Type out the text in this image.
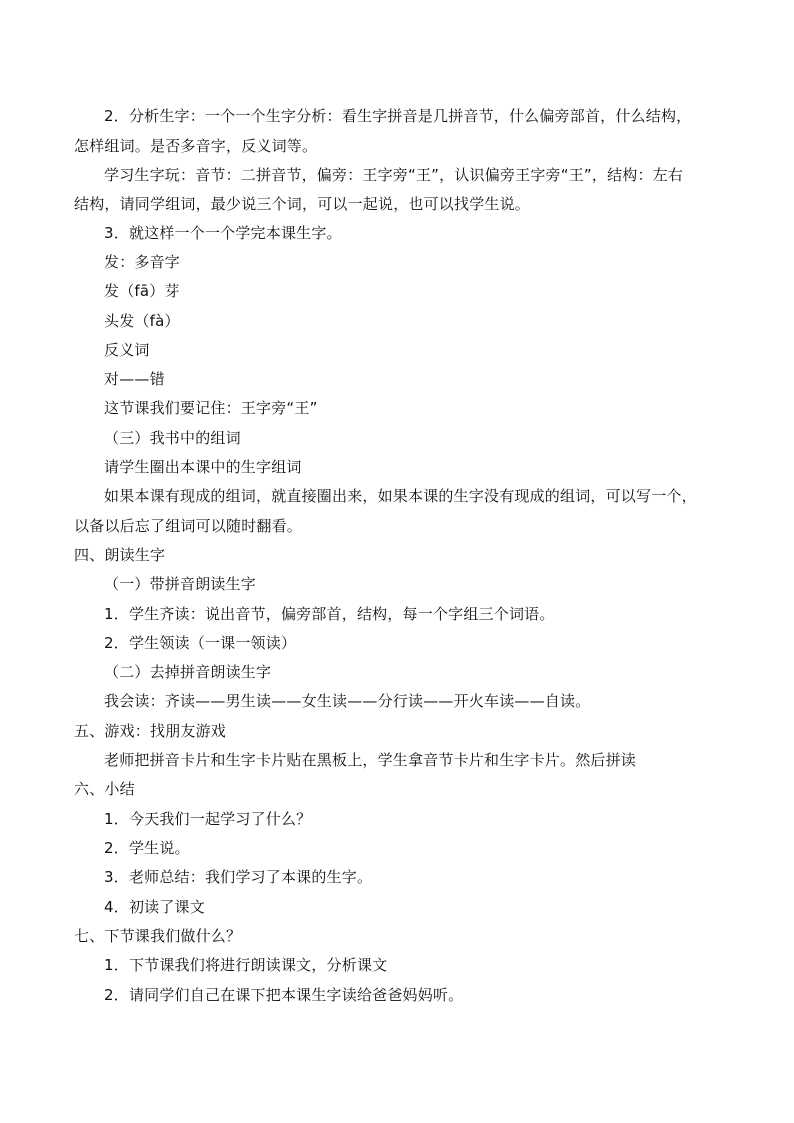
2．分析生字：一个一个生字分析：看生字拼音是几拼音节，什么偏旁部首，什么结构，
怎样组词。是否多音字，反义词等。
学习生字玩：音节：二拼音节，偏旁：王字旁“王”，认识偏旁王字旁“王”，结构：左右
结构，请同学组词，最少说三个词，可以一起说，也可以找学生说。
3．就这样一个一个学完本课生字。
发：多音字
发（fā）芽
头发（fà）
反义词
对——错
这节课我们要记住：王字旁“王”
（三）我书中的组词
请学生圈出本课中的生字组词
如果本课有现成的组词，就直接圈出来，如果本课的生字没有现成的组词，可以写一个，
以备以后忘了组词可以随时翻看。
四、朗读生字
（一）带拼音朗读生字
1．学生齐读：说出音节，偏旁部首，结构，每一个字组三个词语。
2．学生领读（一课一领读）
（二）去掉拼音朗读生字
我会读：齐读——男生读——女生读——分行读——开火车读——自读。
五、游戏：找朋友游戏
老师把拼音卡片和生字卡片贴在黑板上，学生拿音节卡片和生字卡片。然后拼读
六、小结
1．今天我们一起学习了什么？
2．学生说。
3．老师总结：我们学习了本课的生字。
4．初读了课文
七、下节课我们做什么？
1．下节课我们将进行朗读课文，分析课文
2．请同学们自己在课下把本课生字读给爸爸妈妈听。
